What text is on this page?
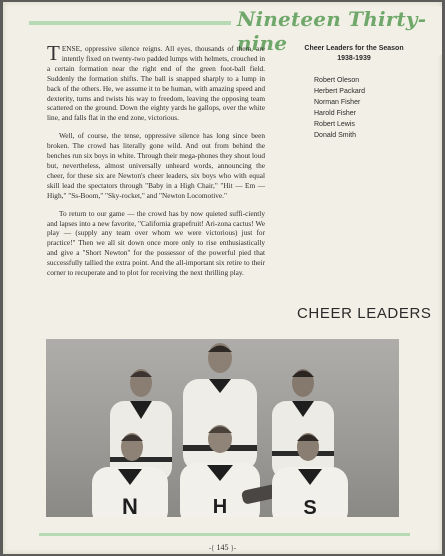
Nineteen Thirty-nine

TENSE, oppressive silence reigns. All eyes, thousands of them, are intently fixed on twenty-two padded lumps with helmets, crouched in a certain formation near the right end of the green foot-ball field. Suddenly the formation shifts. The ball is snapped sharply to a lump in back of the others. He, we assume it to be human, with amazing speed and dexterity, turns and twists his way to freedom, leaving the opposing team scattered on the ground. Down the eighty yards he gallops, over the white line, and falls flat in the end zone, victorious.

Well, of course, the tense, oppressive silence has long since been broken. The crowd has literally gone wild. And out from behind the benches run six boys in white. Through their mega-phones they shout loud but, nevertheless, almost universally unheard words, announcing the cheer, for these six are Newton's cheer leaders, six boys who with equal skill lead the spectators through "Baby in a High Chair," "Hit — Em — High," "Ss-Boom," "Sky-rocket," and "Newton Locomotive."

To return to our game — the crowd has by now quieted suffi-ciently and lapses into a new favorite, "California grapefruit! Ari-zona cactus! We play — (supply any team over whom we were victorious) just for practice!" Then we all sit down once more only to rise enthusiastically and give a "Short Newton" for the possessor of the powerful pied that successfully tallied the extra point. And the all-important six retire to their corner to recuperate and to plot for receiving the next thrilling play.

Cheer Leaders for the Season
1938-1939
Robert Oleson
Herbert Packard
Norman Fisher
Harold Fisher
Robert Lewis
Donald Smith
CHEER LEADERS
N	H	S
-{ 145 }-
